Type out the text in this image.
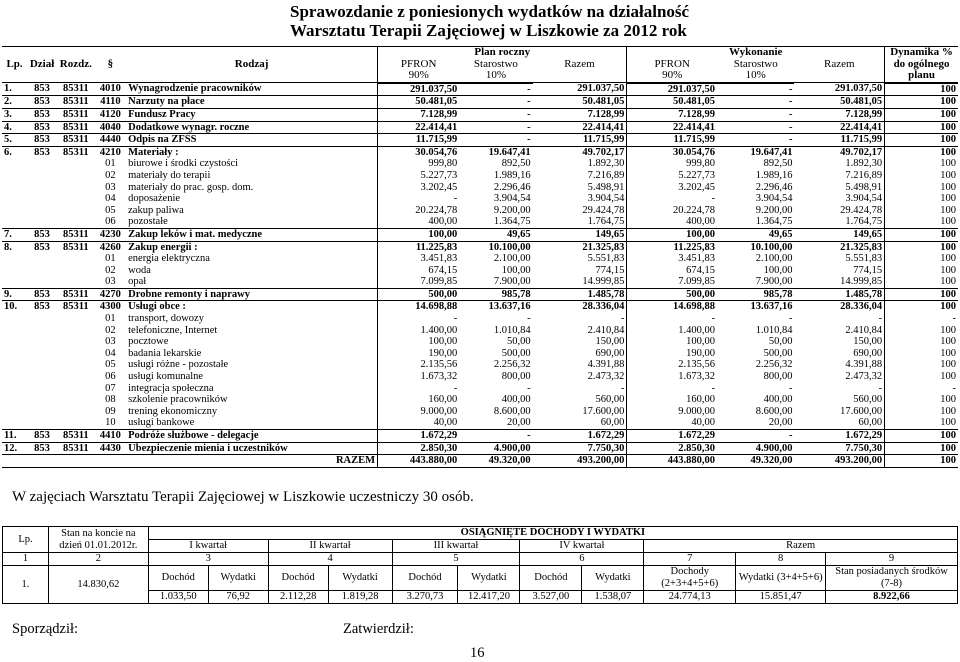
Sprawozdanie z poniesionych wydatków na działalność
Warsztatu Terapii Zajęciowej w Liszkowie za 2012 rok
Lp.	Dział	Rozdz.	§	Rodzaj	Plan roczny			Wykonanie			Dynamika %
					PFRON	Starostwo	Razem	PFRON	Starostwo	Razem	do ogólnego
					90%	10%		90%	10%		planu
1.	853	85311	4010	Wynagrodzenie pracowników	291.037,50	-	291.037,50	291.037,50	-	291.037,50	100
2.	853	85311	4110	Narzuty na płace	50.481,05	-	50.481,05	50.481,05	-	50.481,05	100
3.	853	85311	4120	Fundusz Pracy	7.128,99	-	7.128,99	7.128,99	-	7.128,99	100
4.	853	85311	4040	Dodatkowe wynagr. roczne	22.414,41	-	22.414,41	22.414,41	-	22.414,41	100
5.	853	85311	4440	Odpis na ZFŚS	11.715,99	-	11.715,99	11.715,99	-	11.715,99	100
6.	853	85311	4210	Materiały :	30.054,76	19.647,41	49.702,17	30.054,76	19.647,41	49.702,17	100
			01	biurowe i środki czystości	999,80	892,50	1.892,30	999,80	892,50	1.892,30	100
			02	materiały do terapii	5.227,73	1.989,16	7.216,89	5.227,73	1.989,16	7.216,89	100
			03	materiały do prac. gosp. dom.	3.202,45	2.296,46	5.498,91	3.202,45	2.296,46	5.498,91	100
			04	doposażenie	-	3.904,54	3.904,54	-	3.904,54	3.904,54	100
			05	zakup paliwa	20.224,78	9.200,00	29.424,78	20.224,78	9.200,00	29.424,78	100
			06	pozostałe	400,00	1.364,75	1.764,75	400,00	1.364,75	1.764,75	100
7.	853	85311	4230	Zakup leków i mat. medyczne	100,00	49,65	149,65	100,00	49,65	149,65	100
8.	853	85311	4260	Zakup energii :	11.225,83	10.100,00	21.325,83	11.225,83	10.100,00	21.325,83	100
			01	energia elektryczna	3.451,83	2.100,00	5.551,83	3.451,83	2.100,00	5.551,83	100
			02	woda	674,15	100,00	774,15	674,15	100,00	774,15	100
			03	opał	7.099,85	7.900,00	14.999,85	7.099,85	7.900,00	14.999,85	100
9.	853	85311	4270	Drobne remonty i naprawy	500,00	985,78	1.485,78	500,00	985,78	1.485,78	100
10.	853	85311	4300	Usługi obce :	14.698,88	13.637,16	28.336,04	14.698,88	13.637,16	28.336,04	100
			01	transport, dowozy	-	-	-	-	-	-	-
			02	telefoniczne, Internet	1.400,00	1.010,84	2.410,84	1.400,00	1.010,84	2.410,84	100
			03	pocztowe	100,00	50,00	150,00	100,00	50,00	150,00	100
			04	badania lekarskie	190,00	500,00	690,00	190,00	500,00	690,00	100
			05	usługi różne - pozostałe	2.135,56	2.256,32	4.391,88	2.135,56	2.256,32	4.391,88	100
			06	usługi komunalne	1.673,32	800,00	2.473,32	1.673,32	800,00	2.473,32	100
			07	integracja społeczna	-	-	-	-	-	-	-
			08	szkolenie pracowników	160,00	400,00	560,00	160,00	400,00	560,00	100
			09	trening ekonomiczny	9.000,00	8.600,00	17.600,00	9.000,00	8.600,00	17.600,00	100
			10	usługi bankowe	40,00	20,00	60,00	40,00	20,00	60,00	100
11.	853	85311	4410	Podróże służbowe - delegacje	1.672,29	-	1.672,29	1.672,29	-	1.672,29	100
12.	853	85311	4430	Ubezpieczenie mienia i uczestników	2.850,30	4.900,00	7.750,30	2.850,30	4.900,00	7.750,30	100
				RAZEM	443.880,00	49.320,00	493.200,00	443.880,00	49.320,00	493.200,00	100
W zajęciach Warsztatu Terapii Zajęciowej w Liszkowie uczestniczy 30 osób.
Lp.	Stan na koncie na dzień 01.01.2012r.	OSIĄGNIĘTE DOCHODY I WYDATKI										
		I kwartał		II kwartał		III kwartał		IV kwartał		Razem		
1	2	3		4		5		6		7	8	9
1.	14.830,62	Dochód	Wydatki	Dochód	Wydatki	Dochód	Wydatki	Dochód	Wydatki	Dochody (2+3+4+5+6)	Wydatki (3+4+5+6)	Stan posiadanych środków (7-8)
		1.033,50	76,92	2.112,28	1.819,28	3.270,73	12.417,20	3.527,00	1.538,07	24.774,13	15.851,47	8.922,66
Sporządził:	Zatwierdził:
16
